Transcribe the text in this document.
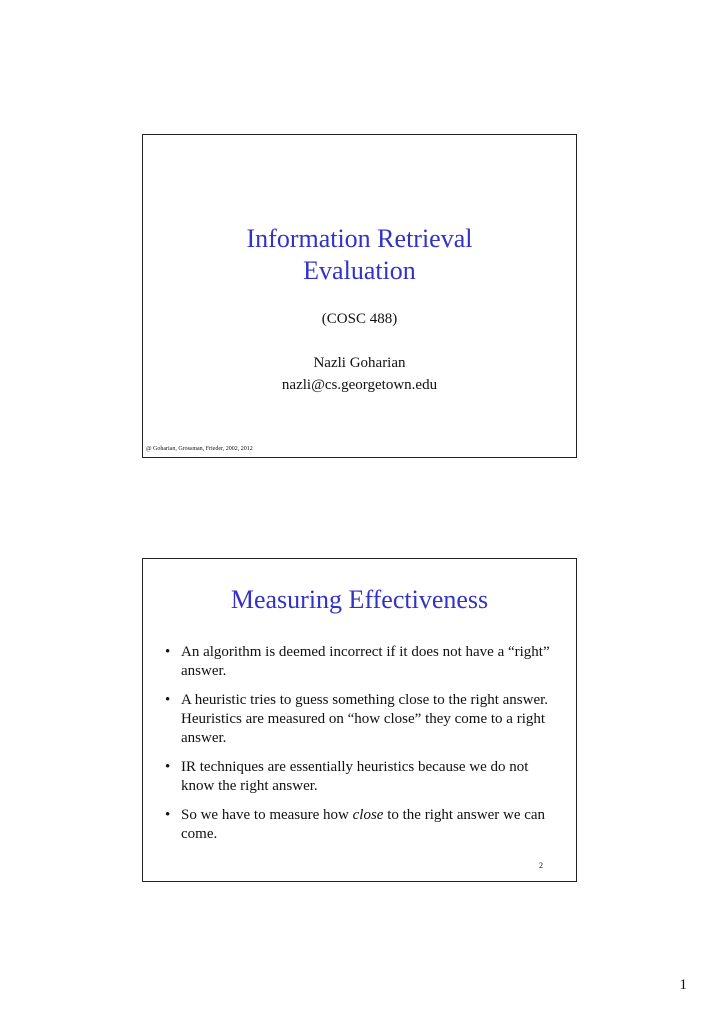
Information Retrieval
Evaluation
(COSC 488)
Nazli Goharian
nazli@cs.georgetown.edu
@ Goharian, Grossman, Frieder, 2002, 2012
Measuring Effectiveness
• An algorithm is deemed incorrect if it does not have a “right” answer.
• A heuristic tries to guess something close to the right answer. Heuristics are measured on “how close” they come to a right answer.
• IR techniques are essentially heuristics because we do not know the right answer.
• So we have to measure how close to the right answer we can come.
2
1
